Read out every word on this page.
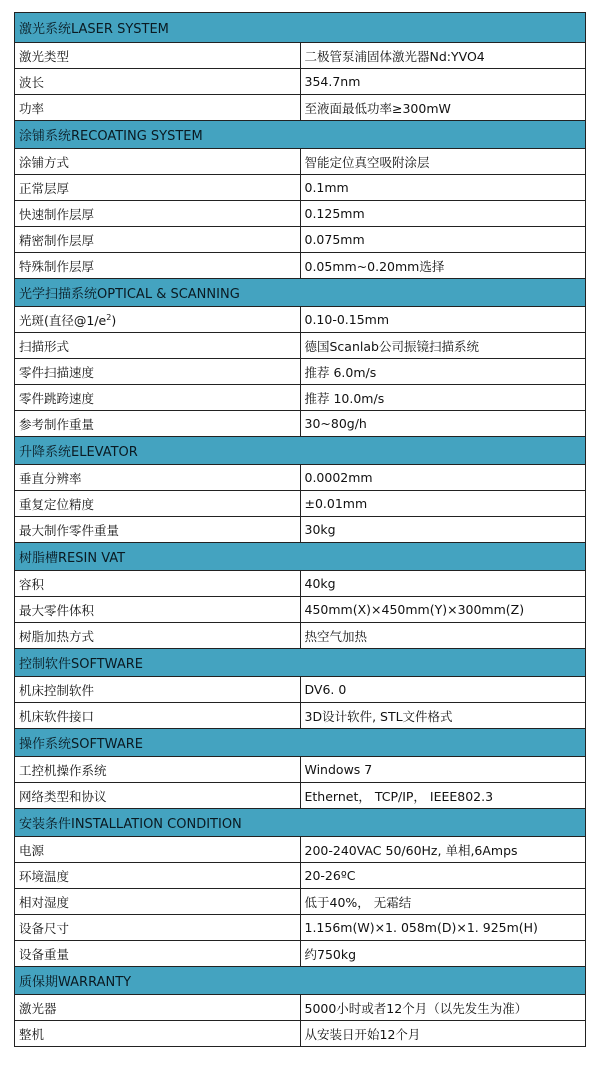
激光系统LASER SYSTEM	
激光类型	二极管泵浦固体激光器Nd:YVO4
波长	354.7nm
功率	至液面最低功率≥300mW
涂铺系统RECOATING SYSTEM	
涂铺方式	智能定位真空吸附涂层
正常层厚	0.1mm
快速制作层厚	0.125mm
精密制作层厚	0.075mm
特殊制作层厚	0.05mm~0.20mm选择
光学扫描系统OPTICAL & SCANNING	
光斑(直径$@1/e^2$)	0.10-0.15mm
扫描形式	德国Scanlab公司振镜扫描系统
零件扫描速度	推荐 6.0m/s
零件跳跨速度	推荐 10.0m/s
参考制作重量	30~80g/h
升降系统ELEVATOR	
垂直分辨率	0.0002mm
重复定位精度	±0.01mm
最大制作零件重量	30kg
树脂槽RESIN VAT	
容积	40kg
最大零件体积	450mm(X)×450mm(Y)×300mm(Z)
树脂加热方式	热空气加热
控制软件SOFTWARE	
机床控制软件	DV6. 0
机床软件接口	3D设计软件, STL文件格式
操作系统SOFTWARE	
工控机操作系统	Windows 7
网络类型和协议	Ethernet， TCP/IP， IEEE802.3
安装条件INSTALLATION CONDITION	
电源	200-240VAC 50/60Hz, 单相,6Amps
环境温度	20-26ºC
相对湿度	低于40%， 无霜结
设备尺寸	1.156m(W)×1. 058m(D)×1. 925m(H)
设备重量	约750kg
质保期WARRANTY	
激光器	5000小时或者12个月（以先发生为准）
整机	从安装日开始12个月
